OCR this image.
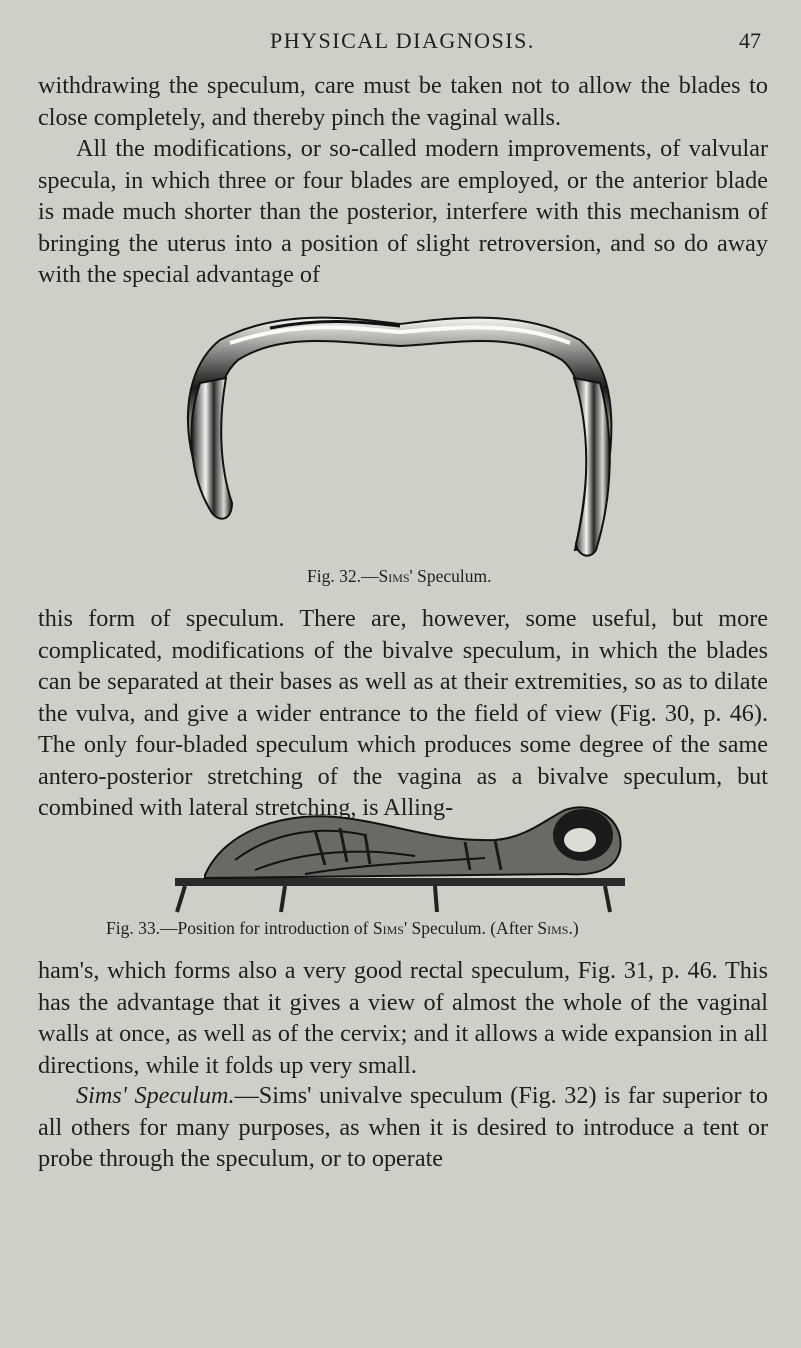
PHYSICAL DIAGNOSIS.	47

withdrawing the speculum, care must be taken not to allow the blades to close completely, and thereby pinch the vaginal walls.

All the modifications, or so-called modern improvements, of valvular specula, in which three or four blades are employed, or the anterior blade is made much shorter than the posterior, interfere with this mechanism of bringing the uterus into a position of slight retroversion, and so do away with the special advantage of

Fig. 32.—Sims' Speculum.

this form of speculum. There are, however, some useful, but more complicated, modifications of the bivalve speculum, in which the blades can be separated at their bases as well as at their extremities, so as to dilate the vulva, and give a wider entrance to the field of view (Fig. 30, p. 46). The only four-bladed speculum which produces some degree of the same antero-posterior stretching of the vagina as a bivalve speculum, but combined with lateral stretching, is Alling-

Fig. 33.—Position for introduction of Sims' Speculum. (After Sims.)

ham's, which forms also a very good rectal speculum, Fig. 31, p. 46. This has the advantage that it gives a view of almost the whole of the vaginal walls at once, as well as of the cervix; and it allows a wide expansion in all directions, while it folds up very small.

Sims' Speculum.—Sims' univalve speculum (Fig. 32) is far superior to all others for many purposes, as when it is desired to introduce a tent or probe through the speculum, or to operate
